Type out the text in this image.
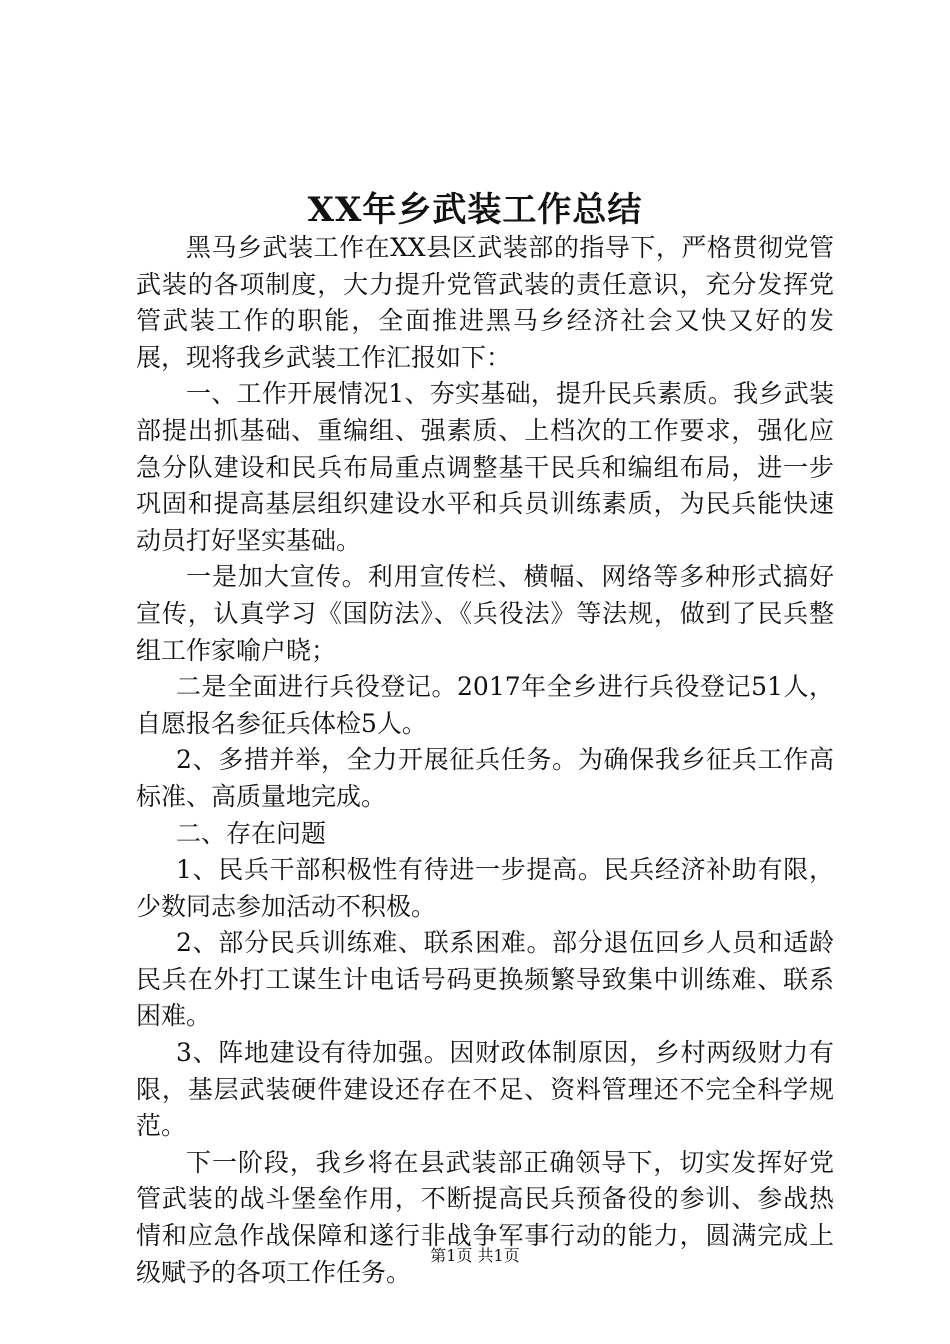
XX年乡武装工作总结

黑马乡武装工作在XX县区武装部的指导下，严格贯彻党管武装的各项制度，大力提升党管武装的责任意识，充分发挥党管武装工作的职能，全面推进黑马乡经济社会又快又好的发展，现将我乡武装工作汇报如下：

一、工作开展情况1、夯实基础，提升民兵素质。我乡武装部提出抓基础、重编组、强素质、上档次的工作要求，强化应急分队建设和民兵布局重点调整基干民兵和编组布局，进一步巩固和提高基层组织建设水平和兵员训练素质，为民兵能快速动员打好坚实基础。

一是加大宣传。利用宣传栏、横幅、网络等多种形式搞好宣传，认真学习《国防法》、《兵役法》等法规，做到了民兵整组工作家喻户晓；

二是全面进行兵役登记。2017年全乡进行兵役登记51人，自愿报名参征兵体检5人。

2、多措并举，全力开展征兵任务。为确保我乡征兵工作高标准、高质量地完成。

二、存在问题

1、民兵干部积极性有待进一步提高。民兵经济补助有限，少数同志参加活动不积极。

2、部分民兵训练难、联系困难。部分退伍回乡人员和适龄民兵在外打工谋生计电话号码更换频繁导致集中训练难、联系困难。

3、阵地建设有待加强。因财政体制原因，乡村两级财力有限，基层武装硬件建设还存在不足、资料管理还不完全科学规范。

下一阶段，我乡将在县武装部正确领导下，切实发挥好党管武装的战斗堡垒作用，不断提高民兵预备役的参训、参战热情和应急作战保障和遂行非战争军事行动的能力，圆满完成上级赋予的各项工作任务。

第1页 共1页
